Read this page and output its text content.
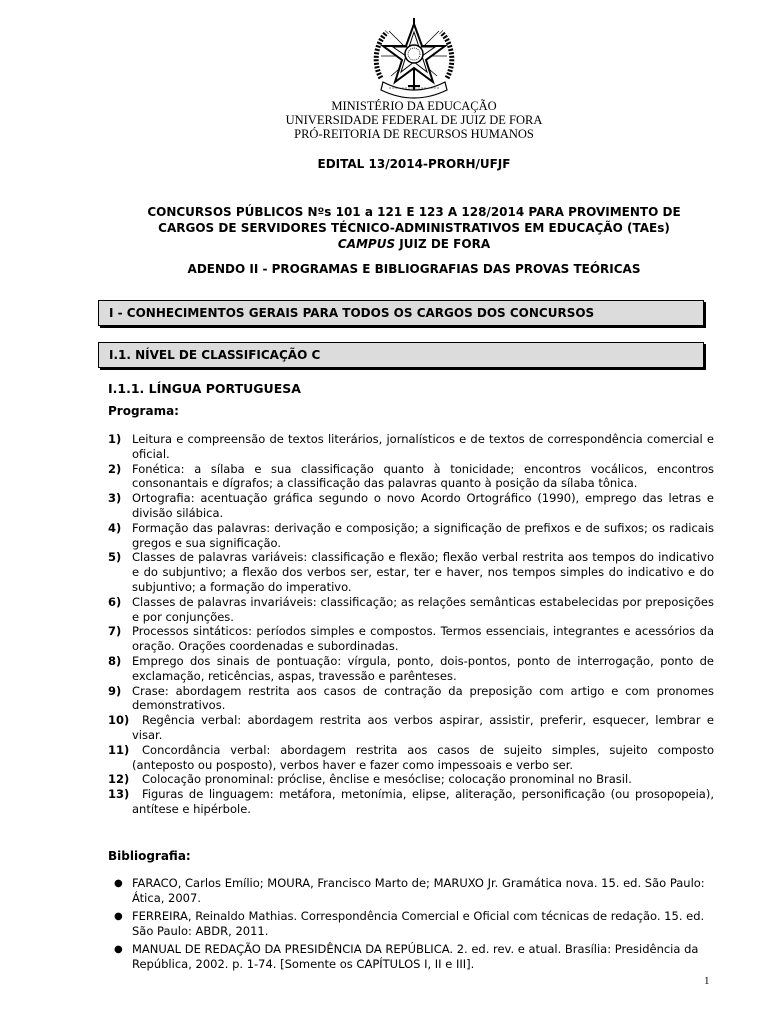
MINISTÉRIO DA EDUCAÇÃO
UNIVERSIDADE FEDERAL DE JUIZ DE FORA
PRÓ-REITORIA DE RECURSOS HUMANOS
EDITAL 13/2014-PRORH/UFJF
CONCURSOS PÚBLICOS Nºs 101 a 121 E 123 A 128/2014 PARA PROVIMENTO DE
CARGOS DE SERVIDORES TÉCNICO-ADMINISTRATIVOS EM EDUCAÇÃO (TAEs)
CAMPUS JUIZ DE FORA
ADENDO II - PROGRAMAS E BIBLIOGRAFIAS DAS PROVAS TEÓRICAS
I - CONHECIMENTOS GERAIS PARA TODOS OS CARGOS DOS CONCURSOS
I.1. NÍVEL DE CLASSIFICAÇÃO C
I.1.1. LÍNGUA PORTUGUESA
Programa:
1) Leitura e compreensão de textos literários, jornalísticos e de textos de correspondência comercial e oficial.
2) Fonética: a sílaba e sua classificação quanto à tonicidade; encontros vocálicos, encontros consonantais e dígrafos; a classificação das palavras quanto à posição da sílaba tônica.
3) Ortografia: acentuação gráfica segundo o novo Acordo Ortográfico (1990), emprego das letras e divisão silábica.
4) Formação das palavras: derivação e composição; a significação de prefixos e de sufixos; os radicais gregos e sua significação.
5) Classes de palavras variáveis: classificação e flexão; flexão verbal restrita aos tempos do indicativo e do subjuntivo; a flexão dos verbos ser, estar, ter e haver, nos tempos simples do indicativo e do subjuntivo; a formação do imperativo.
6) Classes de palavras invariáveis: classificação; as relações semânticas estabelecidas por preposições e por conjunções.
7) Processos sintáticos: períodos simples e compostos. Termos essenciais, integrantes e acessórios da oração. Orações coordenadas e subordinadas.
8) Emprego dos sinais de pontuação: vírgula, ponto, dois-pontos, ponto de interrogação, ponto de exclamação, reticências, aspas, travessão e parênteses.
9) Crase: abordagem restrita aos casos de contração da preposição com artigo e com pronomes demonstrativos.
10) Regência verbal: abordagem restrita aos verbos aspirar, assistir, preferir, esquecer, lembrar e visar.
11) Concordância verbal: abordagem restrita aos casos de sujeito simples, sujeito composto (anteposto ou posposto), verbos haver e fazer como impessoais e verbo ser.
12) Colocação pronominal: próclise, ênclise e mesóclise; colocação pronominal no Brasil.
13) Figuras de linguagem: metáfora, metonímia, elipse, aliteração, personificação (ou prosopopeia), antítese e hipérbole.
Bibliografia:
● FARACO, Carlos Emílio; MOURA, Francisco Marto de; MARUXO Jr. Gramática nova. 15. ed. São Paulo: Ática, 2007.
● FERREIRA, Reinaldo Mathias. Correspondência Comercial e Oficial com técnicas de redação. 15. ed. São Paulo: ABDR, 2011.
● MANUAL DE REDAÇÃO DA PRESIDÊNCIA DA REPÚBLICA. 2. ed. rev. e atual. Brasília: Presidência da República, 2002. p. 1-74. [Somente os CAPÍTULOS I, II e III].
1
